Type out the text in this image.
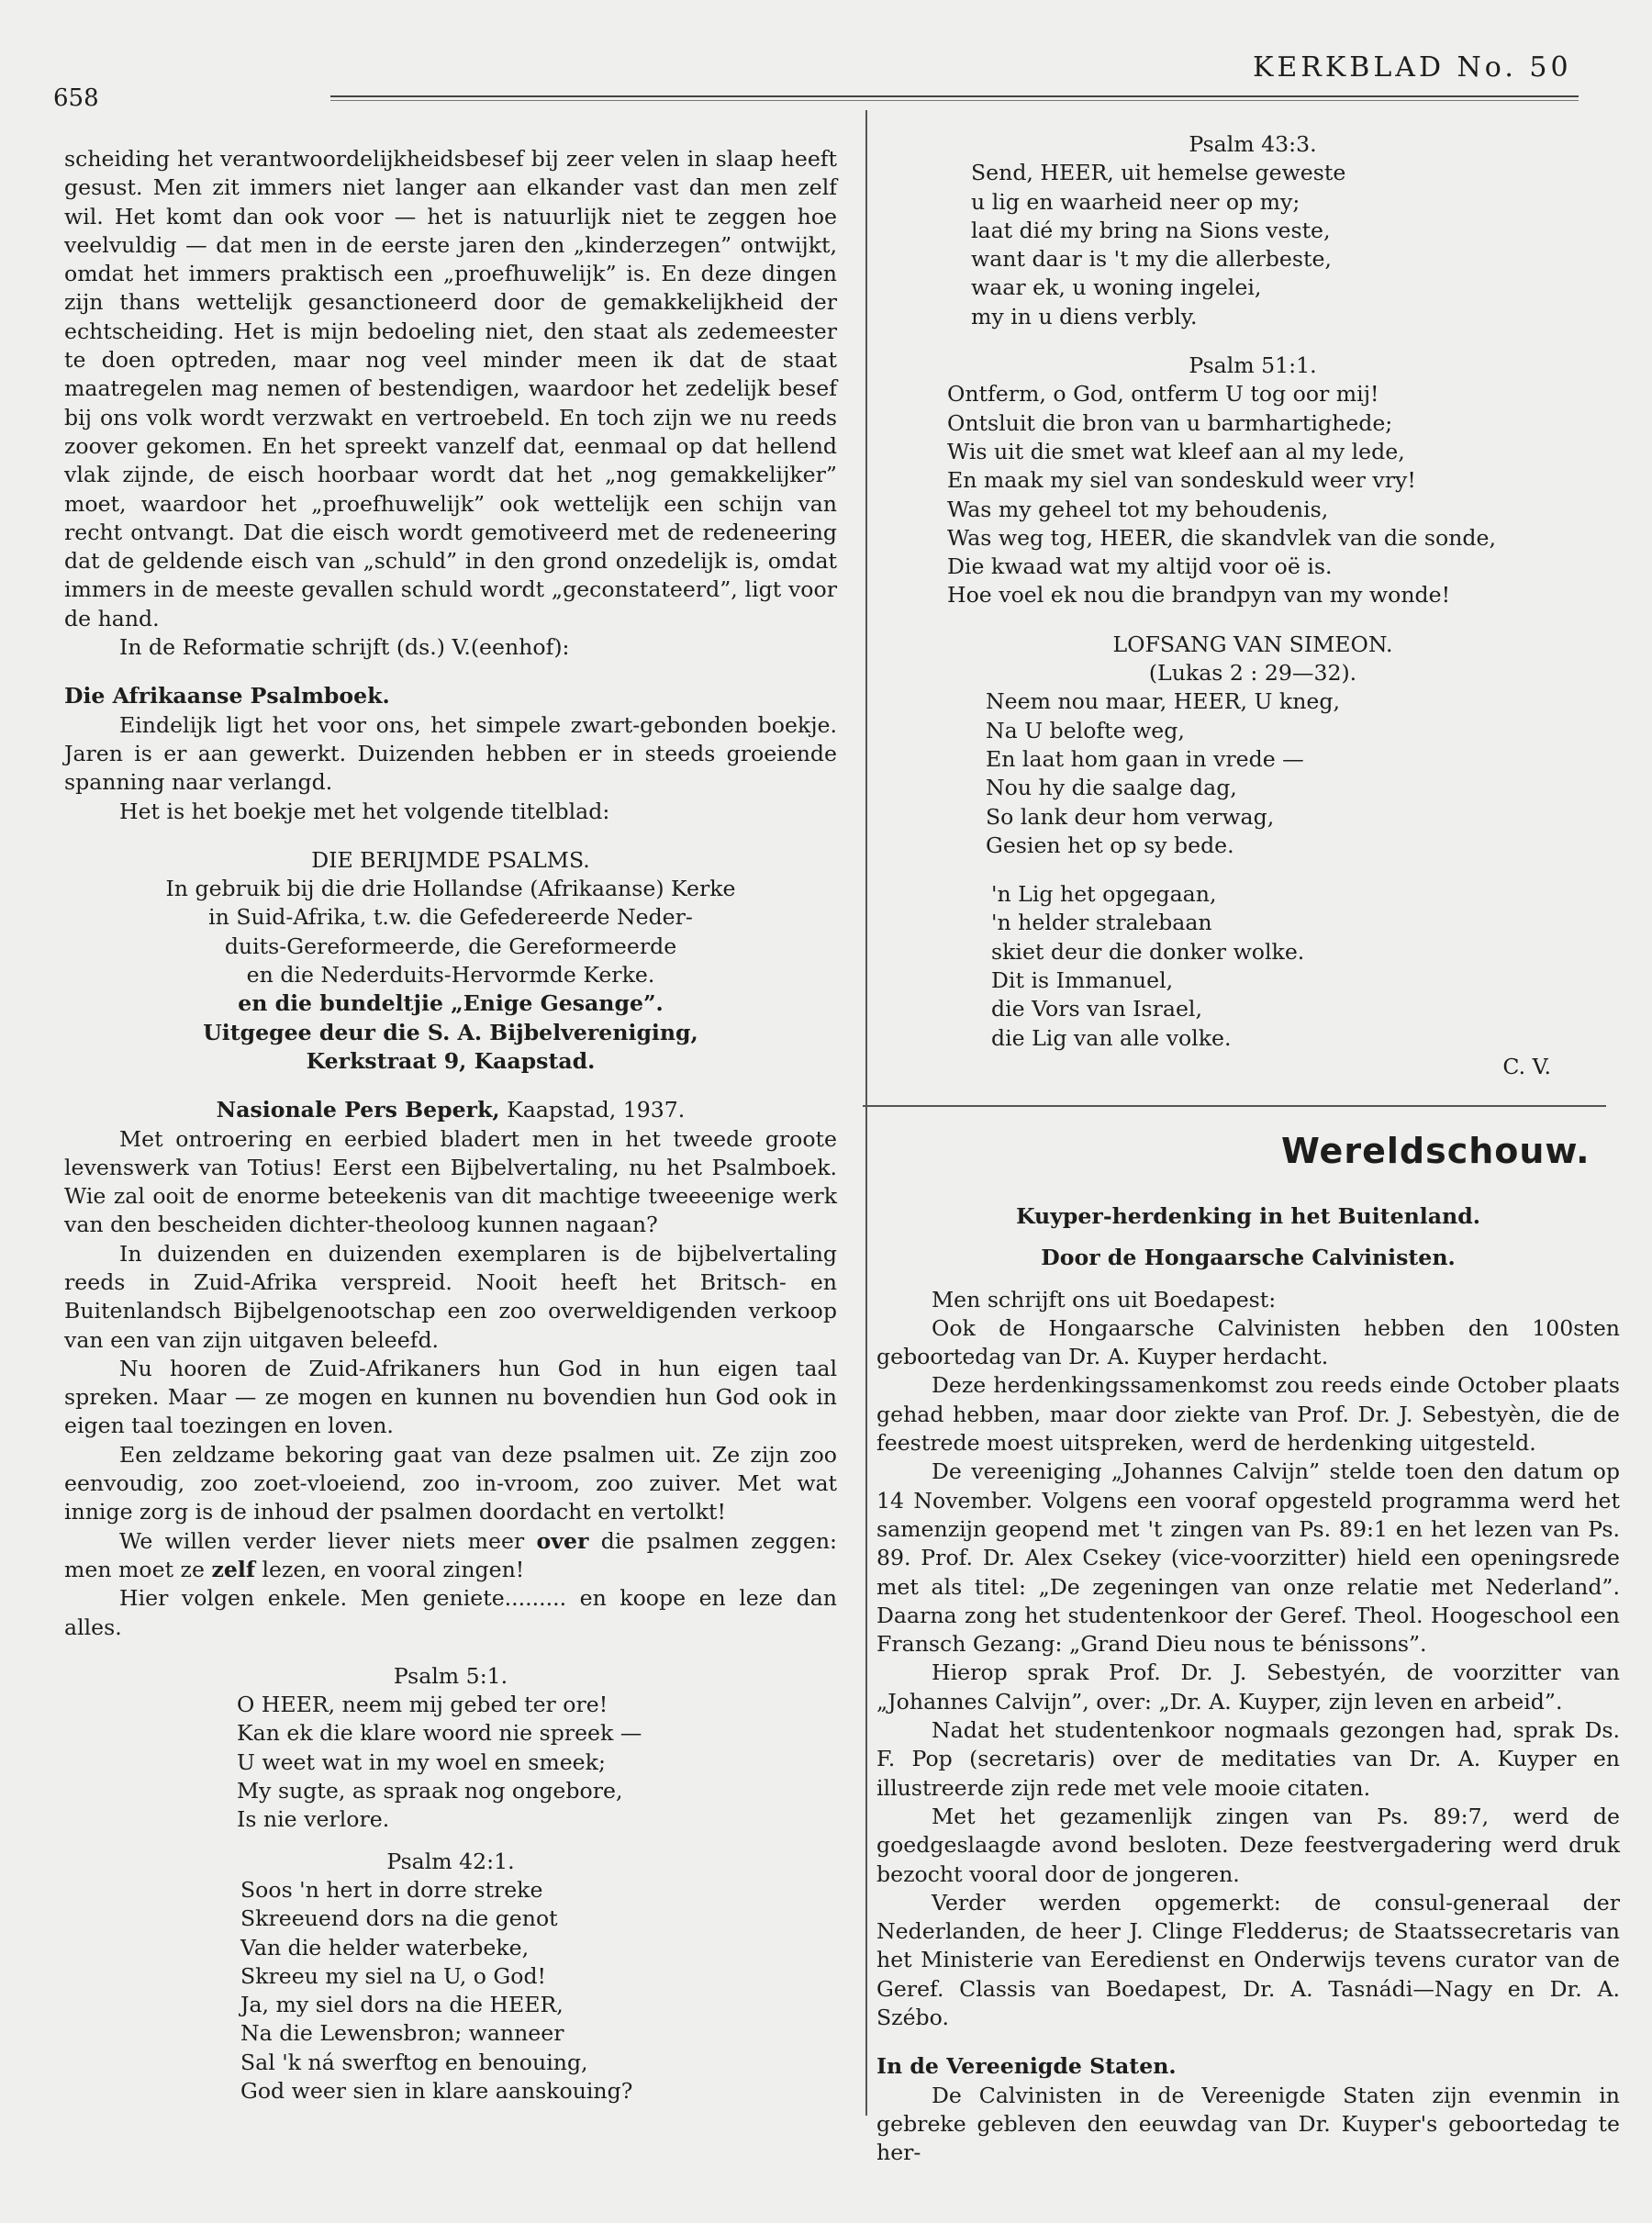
658
KERKBLAD No. 50

scheiding het verantwoordelijkheidsbesef bij zeer velen in slaap heeft gesust. Men zit immers niet langer aan elkander vast dan men zelf wil. Het komt dan ook voor — het is natuurlijk niet te zeggen hoe veelvuldig — dat men in de eerste jaren den „kinderzegen” ontwijkt, omdat het immers praktisch een „proefhuwelijk” is. En deze dingen zijn thans wettelijk gesanctioneerd door de gemakkelijkheid der echtscheiding. Het is mijn bedoeling niet, den staat als zedemeester te doen optreden, maar nog veel minder meen ik dat de staat maatregelen mag nemen of bestendigen, waardoor het zedelijk besef bij ons volk wordt verzwakt en vertroebeld. En toch zijn we nu reeds zoover gekomen. En het spreekt vanzelf dat, eenmaal op dat hellend vlak zijnde, de eisch hoorbaar wordt dat het „nog gemakkelijker” moet, waardoor het „proefhuwelijk” ook wettelijk een schijn van recht ontvangt. Dat die eisch wordt gemotiveerd met de redeneering dat de geldende eisch van „schuld” in den grond onzedelijk is, omdat immers in de meeste gevallen schuld wordt „geconstateerd”, ligt voor de hand.

In de Reformatie schrijft (ds.) V.(eenhof):

Die Afrikaanse Psalmboek.

Eindelijk ligt het voor ons, het simpele zwart-gebonden boekje. Jaren is er aan gewerkt. Duizenden hebben er in steeds groeiende spanning naar verlangd.

Het is het boekje met het volgende titelblad:

DIE BERIJMDE PSALMS.
In gebruik bij die drie Hollandse (Afrikaanse) Kerke
in Suid-Afrika, t.w. die Gefedereerde Neder-
duits-Gereformeerde, die Gereformeerde
en die Nederduits-Hervormde Kerke.
en die bundeltjie „Enige Gesange”.
Uitgegee deur die S. A. Bijbelvereniging,
Kerkstraat 9, Kaapstad.
Nasionale Pers Beperk, Kaapstad, 1937.

Met ontroering en eerbied bladert men in het tweede groote levenswerk van Totius! Eerst een Bijbelvertaling, nu het Psalmboek. Wie zal ooit de enorme beteekenis van dit machtige tweeeenige werk van den bescheiden dichter-theoloog kunnen nagaan?

In duizenden en duizenden exemplaren is de bijbelvertaling reeds in Zuid-Afrika verspreid. Nooit heeft het Britsch- en Buitenlandsch Bijbelgenootschap een zoo overweldigenden verkoop van een van zijn uitgaven beleefd.

Nu hooren de Zuid-Afrikaners hun God in hun eigen taal spreken. Maar — ze mogen en kunnen nu bovendien hun God ook in eigen taal toezingen en loven.

Een zeldzame bekoring gaat van deze psalmen uit. Ze zijn zoo eenvoudig, zoo zoet-vloeiend, zoo in-vroom, zoo zuiver. Met wat innige zorg is de inhoud der psalmen doordacht en vertolkt!

We willen verder liever niets meer over die psalmen zeggen: men moet ze zelf lezen, en vooral zingen!

Hier volgen enkele. Men geniete......... en koope en leze dan alles.

Psalm 5:1.
O HEER, neem mij gebed ter ore!
Kan ek die klare woord nie spreek —
U weet wat in my woel en smeek;
My sugte, as spraak nog ongebore,
Is nie verlore.
Psalm 42:1.
Soos 'n hert in dorre streke
Skreeuend dors na die genot
Van die helder waterbeke,
Skreeu my siel na U, o God!
Ja, my siel dors na die HEER,
Na die Lewensbron; wanneer
Sal 'k ná swerftog en benouing,
God weer sien in klare aanskouing?
Psalm 43:3.
Send, HEER, uit hemelse geweste
u lig en waarheid neer op my;
laat dié my bring na Sions veste,
want daar is 't my die allerbeste,
waar ek, u woning ingelei,
my in u diens verbly.
Psalm 51:1.
Ontferm, o God, ontferm U tog oor mij!
Ontsluit die bron van u barmhartighede;
Wis uit die smet wat kleef aan al my lede,
En maak my siel van sondeskuld weer vry!
Was my geheel tot my behoudenis,
Was weg tog, HEER, die skandvlek van die sonde,
Die kwaad wat my altijd voor oë is.
Hoe voel ek nou die brandpyn van my wonde!
LOFSANG VAN SIMEON.
(Lukas 2 : 29—32).
Neem nou maar, HEER, U kneg,
Na U belofte weg,
En laat hom gaan in vrede —
Nou hy die saalge dag,
So lank deur hom verwag,
Gesien het op sy bede.
'n Lig het opgegaan,
'n helder stralebaan
skiet deur die donker wolke.
Dit is Immanuel,
die Vors van Israel,
die Lig van alle volke.
C. V.
Wereldschouw.
Kuyper-herdenking in het Buitenland.
Door de Hongaarsche Calvinisten.

Men schrijft ons uit Boedapest:

Ook de Hongaarsche Calvinisten hebben den 100sten geboortedag van Dr. A. Kuyper herdacht.

Deze herdenkingssamenkomst zou reeds einde October plaats gehad hebben, maar door ziekte van Prof. Dr. J. Sebestyèn, die de feestrede moest uitspreken, werd de herdenking uitgesteld.

De vereeniging „Johannes Calvijn” stelde toen den datum op 14 November. Volgens een vooraf opgesteld programma werd het samenzijn geopend met 't zingen van Ps. 89:1 en het lezen van Ps. 89. Prof. Dr. Alex Csekey (vice-voorzitter) hield een openingsrede met als titel: „De zegeningen van onze relatie met Nederland”. Daarna zong het studentenkoor der Geref. Theol. Hoogeschool een Fransch Gezang: „Grand Dieu nous te bénissons”.

Hierop sprak Prof. Dr. J. Sebestyén, de voorzitter van „Johannes Calvijn”, over: „Dr. A. Kuyper, zijn leven en arbeid”.

Nadat het studentenkoor nogmaals gezongen had, sprak Ds. F. Pop (secretaris) over de meditaties van Dr. A. Kuyper en illustreerde zijn rede met vele mooie citaten.

Met het gezamenlijk zingen van Ps. 89:7, werd de goedgeslaagde avond besloten. Deze feestvergadering werd druk bezocht vooral door de jongeren.

Verder werden opgemerkt: de consul-generaal der Nederlanden, de heer J. Clinge Fledderus; de Staatssecretaris van het Ministerie van Eeredienst en Onderwijs tevens curator van de Geref. Classis van Boedapest, Dr. A. Tasnádi—Nagy en Dr. A. Szébo.

In de Vereenigde Staten.

De Calvinisten in de Vereenigde Staten zijn evenmin in gebreke gebleven den eeuwdag van Dr. Kuyper's geboortedag te her-
